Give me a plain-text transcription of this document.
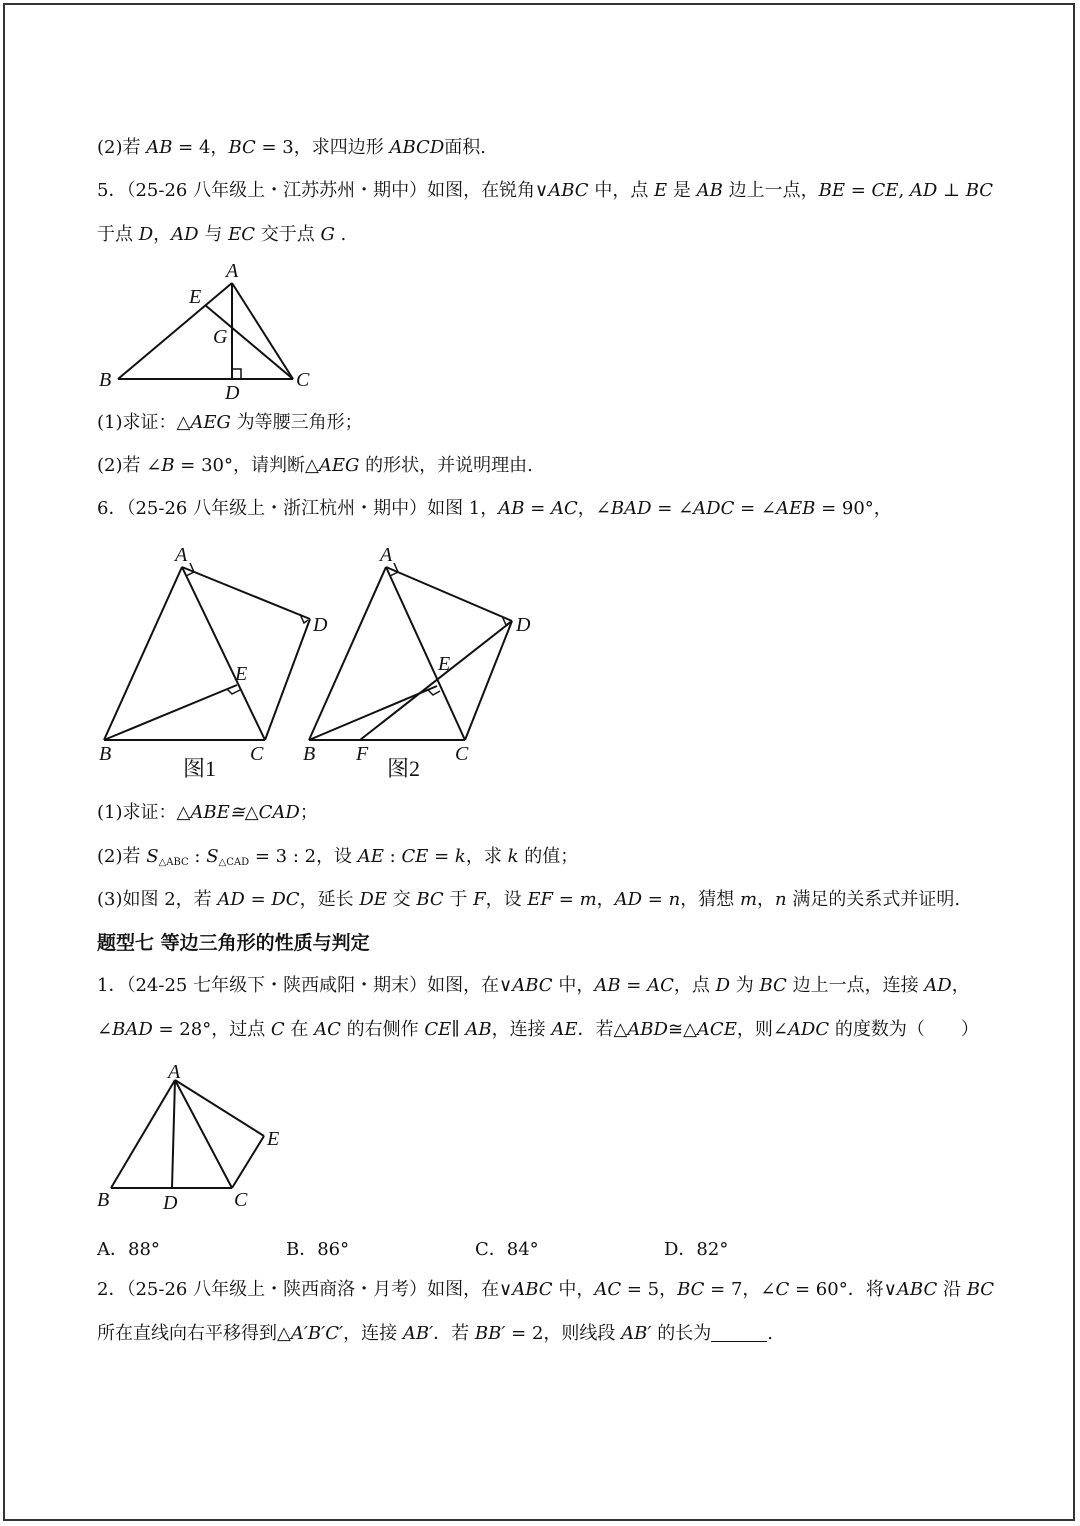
(2)若 AB = 4，BC = 3，求四边形 ABCD面积.
5．（25-26 八年级上・江苏苏州・期中）如图，在锐角∨ABC 中，点 E 是 AB 边上一点，BE = CE, AD ⊥ BC
于点 D，AD 与 EC 交于点 G .
A
E
G
B
D
C
A
D
E
B	C
图1
A
D
E
B F	C
图2
A
E
B	D	C
(1)求证：△AEG 为等腰三角形；
(2)若 ∠B = 30°，请判断△AEG 的形状，并说明理由.
6．（25-26 八年级上・浙江杭州・期中）如图 1，AB = AC，∠BAD = ∠ADC = ∠AEB = 90°，
(1)求证：△ABE≅△CAD；
(2)若 $S_{\triangle ABC}$ : $S_{\triangle CAD} = 3$ : 2，设 AE : CE = k，求 k 的值；
(3)如图 2，若 AD = DC，延长 DE 交 BC 于 F，设 EF = m，AD = n，猜想 m，n 满足的关系式并证明.
题型七 等边三角形的性质与判定
1．（24-25 七年级下・陕西咸阳・期末）如图，在∨ABC 中，AB = AC，点 D 为 BC 边上一点，连接 AD，
∠BAD = 28°，过点 C 在 AC 的右侧作 CE∥ AB，连接 AE．若△ABD≅△ACE，则∠ADC 的度数为（　　）
A．88°	B．86°	C．84°	D．82°
2．（25-26 八年级上・陕西商洛・月考）如图，在∨ABC 中，AC = 5，BC = 7，∠C = 60°．将∨ABC 沿 BC
所在直线向右平移得到△A′B′C′，连接 AB′．若 BB′ = 2，则线段 AB′ 的长为	.
